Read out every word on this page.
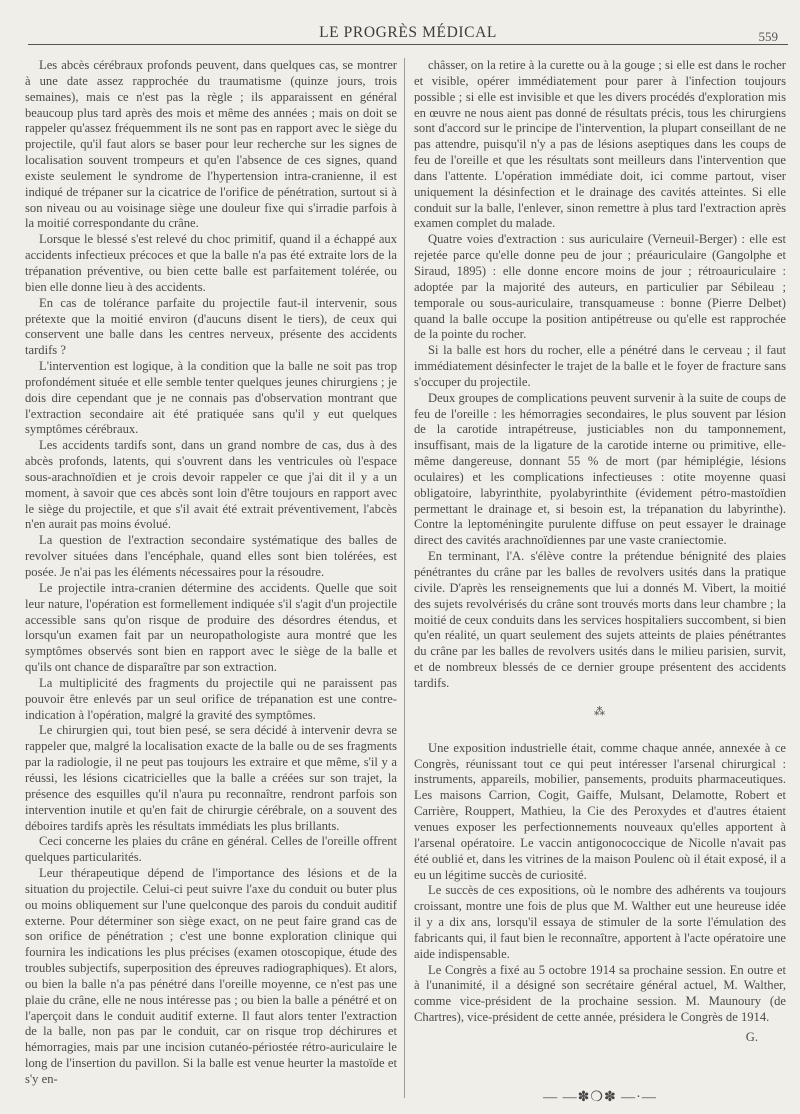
LE PROGRÈS MÉDICAL	559

Les abcès cérébraux profonds peuvent, dans quelques cas, se montrer à une date assez rapprochée du traumatisme (quinze jours, trois semaines), mais ce n'est pas la règle ; ils apparaissent en général beaucoup plus tard après des mois et même des années ; mais on doit se rappeler qu'assez fréquemment ils ne sont pas en rapport avec le siège du projectile, qu'il faut alors se baser pour leur recherche sur les signes de localisation souvent trompeurs et qu'en l'absence de ces signes, quand existe seulement le syndrome de l'hypertension intra-cranienne, il est indiqué de trépaner sur la cicatrice de l'orifice de pénétration, surtout si à son niveau ou au voisinage siège une douleur fixe qui s'irradie parfois à la moitié correspondante du crâne.

Lorsque le blessé s'est relevé du choc primitif, quand il a échappé aux accidents infectieux précoces et que la balle n'a pas été extraite lors de la trépanation préventive, ou bien cette balle est parfaitement tolérée, ou bien elle donne lieu à des accidents.

En cas de tolérance parfaite du projectile faut-il intervenir, sous prétexte que la moitié environ (d'aucuns disent le tiers), de ceux qui conservent une balle dans les centres nerveux, présente des accidents tardifs ?

L'intervention est logique, à la condition que la balle ne soit pas trop profondément située et elle semble tenter quelques jeunes chirurgiens ; je dois dire cependant que je ne connais pas d'observation montrant que l'extraction secondaire ait été pratiquée sans qu'il y eut quelques symptômes cérébraux.

Les accidents tardifs sont, dans un grand nombre de cas, dus à des abcès profonds, latents, qui s'ouvrent dans les ventricules où l'espace sous-arachnoïdien et je crois devoir rappeler ce que j'ai dit il y a un moment, à savoir que ces abcès sont loin d'être toujours en rapport avec le siège du projectile, et que s'il avait été extrait préventivement, l'abcès n'en aurait pas moins évolué.

La question de l'extraction secondaire systématique des balles de revolver situées dans l'encéphale, quand elles sont bien tolérées, est posée. Je n'ai pas les éléments nécessaires pour la résoudre.

Le projectile intra-cranien détermine des accidents. Quelle que soit leur nature, l'opération est formellement indiquée s'il s'agit d'un projectile accessible sans qu'on risque de produire des désordres étendus, et lorsqu'un examen fait par un neuropathologiste aura montré que les symptômes observés sont bien en rapport avec le siège de la balle et qu'ils ont chance de disparaître par son extraction.

La multiplicité des fragments du projectile qui ne paraissent pas pouvoir être enlevés par un seul orifice de trépanation est une contre-indication à l'opération, malgré la gravité des symptômes.

Le chirurgien qui, tout bien pesé, se sera décidé à intervenir devra se rappeler que, malgré la localisation exacte de la balle ou de ses fragments par la radiologie, il ne peut pas toujours les extraire et que même, s'il y a réussi, les lésions cicatricielles que la balle a créées sur son trajet, la présence des esquilles qu'il n'aura pu reconnaître, rendront parfois son intervention inutile et qu'en fait de chirurgie cérébrale, on a souvent des déboires tardifs après les résultats immédiats les plus brillants.

Ceci concerne les plaies du crâne en général. Celles de l'oreille offrent quelques particularités.

Leur thérapeutique dépend de l'importance des lésions et de la situation du projectile. Celui-ci peut suivre l'axe du conduit ou buter plus ou moins obliquement sur l'une quelconque des parois du conduit auditif externe. Pour déterminer son siège exact, on ne peut faire grand cas de son orifice de pénétration ; c'est une bonne exploration clinique qui fournira les indications les plus précises (examen otoscopique, étude des troubles subjectifs, superposition des épreuves radiographiques). Et alors, ou bien la balle n'a pas pénétré dans l'oreille moyenne, ce n'est pas une plaie du crâne, elle ne nous intéresse pas ; ou bien la balle a pénétré et on l'aperçoit dans le conduit auditif externe. Il faut alors tenter l'extraction de la balle, non pas par le conduit, car on risque trop déchirures et hémorragies, mais par une incision cutanéo-périostée rétro-auriculaire le long de l'insertion du pavillon. Si la balle est venue heurter la mastoïde et s'y en-

châsser, on la retire à la curette ou à la gouge ; si elle est dans le rocher et visible, opérer immédiatement pour parer à l'infection toujours possible ; si elle est invisible et que les divers procédés d'exploration mis en œuvre ne nous aient pas donné de résultats précis, tous les chirurgiens sont d'accord sur le principe de l'intervention, la plupart conseillant de ne pas attendre, puisqu'il n'y a pas de lésions aseptiques dans les coups de feu de l'oreille et que les résultats sont meilleurs dans l'intervention que dans l'attente. L'opération immédiate doit, ici comme partout, viser uniquement la désinfection et le drainage des cavités atteintes. Si elle conduit sur la balle, l'enlever, sinon remettre à plus tard l'extraction après examen complet du malade.

Quatre voies d'extraction : sus auriculaire (Verneuil-Berger) : elle est rejetée parce qu'elle donne peu de jour ; préauriculaire (Gangolphe et Siraud, 1895) : elle donne encore moins de jour ; rétroauriculaire : adoptée par la majorité des auteurs, en particulier par Sébileau ; temporale ou sous-auriculaire, transquameuse : bonne (Pierre Delbet) quand la balle occupe la position antipétreuse ou qu'elle est rapprochée de la pointe du rocher.

Si la balle est hors du rocher, elle a pénétré dans le cerveau ; il faut immédiatement désinfecter le trajet de la balle et le foyer de fracture sans s'occuper du projectile.

Deux groupes de complications peuvent survenir à la suite de coups de feu de l'oreille : les hémorragies secondaires, le plus souvent par lésion de la carotide intrapétreuse, justiciables non du tamponnement, insuffisant, mais de la ligature de la carotide interne ou primitive, elle-même dangereuse, donnant 55 % de mort (par hémiplégie, lésions oculaires) et les complications infectieuses : otite moyenne quasi obligatoire, labyrinthite, pyolabyrinthite (évidement pétro-mastoïdien permettant le drainage et, si besoin est, la trépanation du labyrinthe). Contre la leptoméningite purulente diffuse on peut essayer le drainage direct des cavités arachnoïdiennes par une vaste craniectomie.

En terminant, l'A. s'élève contre la prétendue bénignité des plaies pénétrantes du crâne par les balles de revolvers usités dans la pratique civile. D'après les renseignements que lui a donnés M. Vibert, la moitié des sujets revolvérisés du crâne sont trouvés morts dans leur chambre ; la moitié de ceux conduits dans les services hospitaliers succombent, si bien qu'en réalité, un quart seulement des sujets atteints de plaies pénétrantes du crâne par les balles de revolvers usités dans le milieu parisien, survit, et de nombreux blessés de ce dernier groupe présentent des accidents tardifs.

⁂

Une exposition industrielle était, comme chaque année, annexée à ce Congrès, réunissant tout ce qui peut intéresser l'arsenal chirurgical : instruments, appareils, mobilier, pansements, produits pharmaceutiques. Les maisons Carrion, Cogit, Gaiffe, Mulsant, Delamotte, Robert et Carrière, Rouppert, Mathieu, la Cie des Peroxydes et d'autres étaient venues exposer les perfectionnements nouveaux qu'elles apportent à l'arsenal opératoire. Le vaccin antigonococcique de Nicolle n'avait pas été oublié et, dans les vitrines de la maison Poulenc où il était exposé, il a eu un légitime succès de curiosité.

Le succès de ces expositions, où le nombre des adhérents va toujours croissant, montre une fois de plus que M. Walther eut une heureuse idée il y a dix ans, lorsqu'il essaya de stimuler de la sorte l'émulation des fabricants qui, il faut bien le reconnaître, apportent à l'acte opératoire une aide indispensable.

Le Congrès a fixé au 5 octobre 1914 sa prochaine session. En outre et à l'unanimité, il a désigné son secrétaire général actuel, M. Walther, comme vice-président de la prochaine session. M. Maunoury (de Chartres), vice-président de cette année, présidera le Congrès de 1914.

G.
— —✽❍✽ —·—
